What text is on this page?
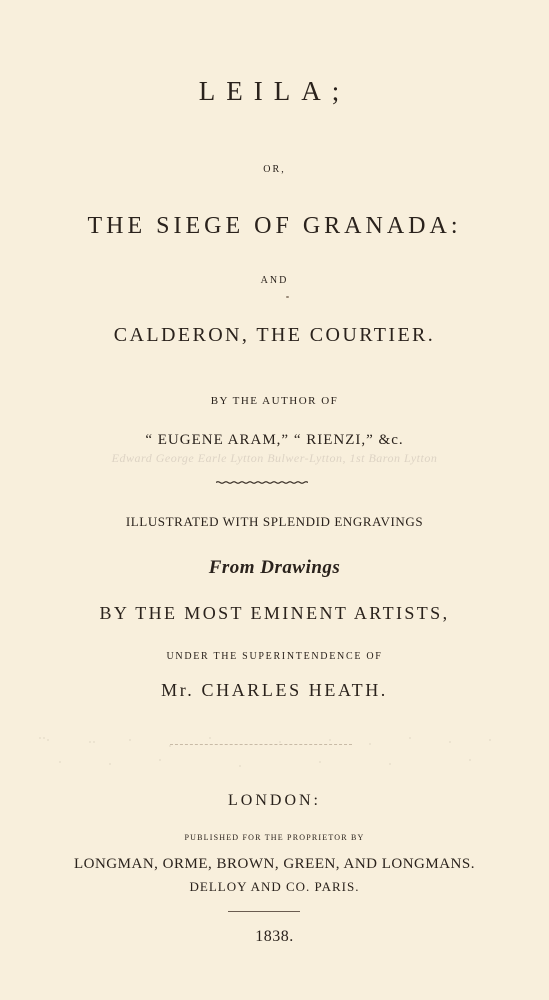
LEILA;
OR,
THE SIEGE OF GRANADA:
AND
CALDERON, THE COURTIER.
BY THE AUTHOR OF
“ EUGENE ARAM,” “ RIENZI,” &c.
Edward George Earle Lytton Bulwer-Lytton, 1st Baron Lytton
ILLUSTRATED WITH SPLENDID ENGRAVINGS
From Drawings
BY THE MOST EMINENT ARTISTS,
UNDER THE SUPERINTENDENCE OF
Mr. CHARLES HEATH.
LONDON:
PUBLISHED FOR THE PROPRIETOR BY
LONGMAN, ORME, BROWN, GREEN, AND LONGMANS.
DELLOY AND CO. PARIS.
1838.
